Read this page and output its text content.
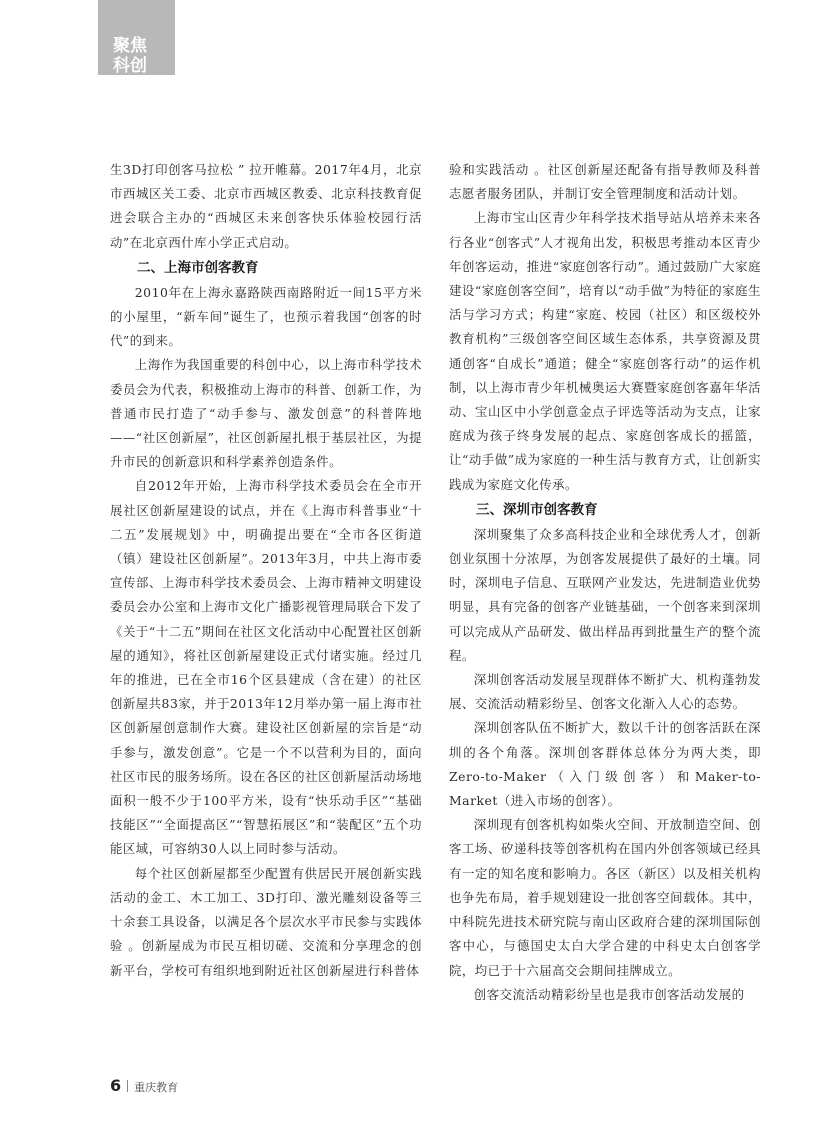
聚焦
科创

生3D打印创客马拉松 ” 拉开帷幕。2017年4月，北京市西城区关工委、北京市西城区教委、北京科技教育促进会联合主办的“西城区未来创客快乐体验校园行活动”在北京西什库小学正式启动。

二、上海市创客教育

2010年在上海永嘉路陕西南路附近一间15平方米的小屋里，“新车间”诞生了，也预示着我国“创客的时代”的到来。

上海作为我国重要的科创中心，以上海市科学技术委员会为代表，积极推动上海市的科普、创新工作，为普通市民打造了“动手参与、激发创意”的科普阵地——“社区创新屋”，社区创新屋扎根于基层社区，为提升市民的创新意识和科学素养创造条件。

自2012年开始，上海市科学技术委员会在全市开展社区创新屋建设的试点，并在《上海市科普事业“十二五”发展规划》中，明确提出要在“全市各区街道（镇）建设社区创新屋”。2013年3月，中共上海市委宣传部、上海市科学技术委员会、上海市精神文明建设委员会办公室和上海市文化广播影视管理局联合下发了《关于“十二五”期间在社区文化活动中心配置社区创新屋的通知》，将社区创新屋建设正式付诸实施。经过几年的推进，已在全市16个区县建成（含在建）的社区创新屋共83家，并于2013年12月举办第一届上海市社区创新屋创意制作大赛。建设社区创新屋的宗旨是“动手参与，激发创意”。它是一个不以营利为目的，面向社区市民的服务场所。设在各区的社区创新屋活动场地面积一般不少于100平方米，设有“快乐动手区”“基础技能区”“全面提高区”“智慧拓展区”和“装配区”五个功能区域，可容纳30人以上同时参与活动。

每个社区创新屋都至少配置有供居民开展创新实践活动的金工、木工加工、3D打印、激光雕刻设备等三十余套工具设备，以满足各个层次水平市民参与实践体验 。创新屋成为市民互相切磋、交流和分享理念的创新平台，学校可有组织地到附近社区创新屋进行科普体

验和实践活动 。社区创新屋还配备有指导教师及科普志愿者服务团队，并制订安全管理制度和活动计划。

上海市宝山区青少年科学技术指导站从培养未来各行各业“创客式”人才视角出发，积极思考推动本区青少年创客运动，推进“家庭创客行动”。通过鼓励广大家庭建设“家庭创客空间”，培育以“动手做”为特征的家庭生活与学习方式；构建“家庭、校园（社区）和区级校外教育机构”三级创客空间区域生态体系，共享资源及贯通创客“自成长”通道；健全“家庭创客行动”的运作机制，以上海市青少年机械奥运大赛暨家庭创客嘉年华活动、宝山区中小学创意金点子评选等活动为支点，让家庭成为孩子终身发展的起点、家庭创客成长的摇篮，让“动手做”成为家庭的一种生活与教育方式，让创新实践成为家庭文化传承。

三、深圳市创客教育

深圳聚集了众多高科技企业和全球优秀人才，创新创业氛围十分浓厚，为创客发展提供了最好的土壤。同时，深圳电子信息、互联网产业发达，先进制造业优势明显，具有完备的创客产业链基础，一个创客来到深圳可以完成从产品研发、做出样品再到批量生产的整个流程。

深圳创客活动发展呈现群体不断扩大、机构蓬勃发展、交流活动精彩纷呈、创客文化渐入人心的态势。

深圳创客队伍不断扩大，数以千计的创客活跃在深圳的各个角落。深圳创客群体总体分为两大类，即Zero-to-Maker（入门级创客）和Maker-to-Market（进入市场的创客）。

深圳现有创客机构如柴火空间、开放制造空间、创客工场、矽递科技等创客机构在国内外创客领域已经具有一定的知名度和影响力。各区（新区）以及相关机构也争先布局，着手规划建设一批创客空间载体。其中，中科院先进技术研究院与南山区政府合建的深圳国际创客中心，与德国史太白大学合建的中科史太白创客学院，均已于十六届高交会期间挂牌成立。

创客交流活动精彩纷呈也是我市创客活动发展的

6 重庆教育
